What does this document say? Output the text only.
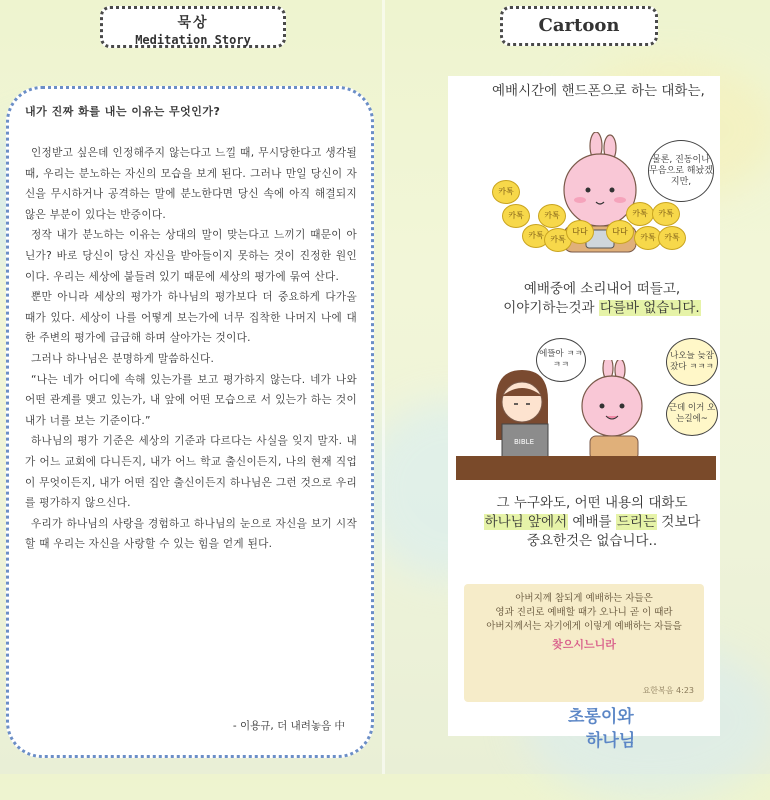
묵상
Meditation Story

내가 진짜 화를 내는 이유는 무엇인가?

인정받고 싶은데 인정해주지 않는다고 느낄 때, 무시당한다고 생각될 때, 우리는 분노하는 자신의 모습을 보게 된다. 그러나 만일 당신이 자신을 무시하거나 공격하는 말에 분노한다면 당신 속에 아직 해결되지 않은 부분이 있다는 반증이다.

정작 내가 분노하는 이유는 상대의 말이 맞는다고 느끼기 때문이 아닌가? 바로 당신이 당신 자신을 받아들이지 못하는 것이 진정한 원인이다. 우리는 세상에 붙들려 있기 때문에 세상의 평가에 묶여 산다.

뿐만 아니라 세상의 평가가 하나님의 평가보다 더 중요하게 다가올 때가 있다. 세상이 나를 어떻게 보는가에 너무 집착한 나머지 나에 대한 주변의 평가에 급급해 하며 살아가는 것이다.

그러나 하나님은 분명하게 말씀하신다.

“나는 네가 어디에 속해 있는가를 보고 평가하지 않는다. 네가 나와 어떤 관계를 맺고 있는가, 내 앞에 어떤 모습으로 서 있는가 하는 것이 내가 너를 보는 기준이다.”

하나님의 평가 기준은 세상의 기준과 다르다는 사실을 잊지 말자. 내가 어느 교회에 다니든지, 내가 어느 학교 출신이든지, 나의 현재 직업이 무엇이든지, 내가 어떤 집안 출신이든지 하나님은 그런 것으로 우리를 평가하지 않으신다.

우리가 하나님의 사랑을 경험하고 하나님의 눈으로 자신을 보기 시작할 때 우리는 자신을 사랑할 수 있는 힘을 얻게 된다.

- 이용규, 더 내려놓음 中
Cartoon
예배시간에 핸드폰으로 하는 대화는,
물론, 진동이나 무음으로 해놨겠지만,
카톡
카톡
카톡
카톡
카톡
다다	다다
카톡	카톡
카톡	카톡
예배중에 소리내어 떠들고,
이야기하는것과 다를바 없습니다.
BIBLE
에뜰아 ㅋㅋㅋㅋ
나오늘 늦잠잤다 ㅋㅋㅋ
근데 이거 오는길에~
그 누구와도, 어떤 내용의 대화도
하나님 앞에서 예배를 드리는 것보다
중요한것은 없습니다..
아버지께 참되게 예배하는 자들은
영과 진리로 예배할 때가 오나니 곧 이 때라
아버지께서는 자기에게 이렇게 예배하는 자들을
찾으시느니라
요한복음 4:23
초롱이와
하나님
